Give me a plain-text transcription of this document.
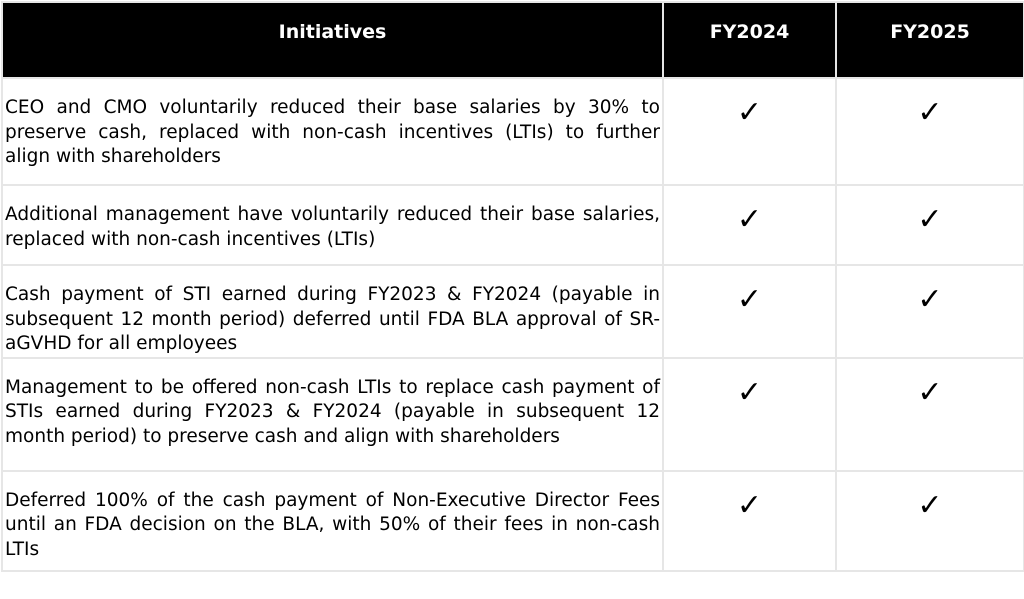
Initiatives	FY2024	FY2025
CEO and CMO voluntarily reduced their base salaries by 30% to preserve cash, replaced with non-cash incentives (LTIs) to further align with shareholders	✓	✓
Additional management have voluntarily reduced their base salaries, replaced with non-cash incentives (LTIs)	✓	✓
Cash payment of STI earned during FY2023 & FY2024 (payable in subsequent 12 month period) deferred until FDA BLA approval of SR-aGVHD for all employees	✓	✓
Management to be offered non-cash LTIs to replace cash payment of STIs earned during FY2023 & FY2024 (payable in subsequent 12 month period) to preserve cash and align with shareholders	✓	✓
Deferred 100% of the cash payment of Non-Executive Director Fees until an FDA decision on the BLA, with 50% of their fees in non-cash LTIs	✓	✓
